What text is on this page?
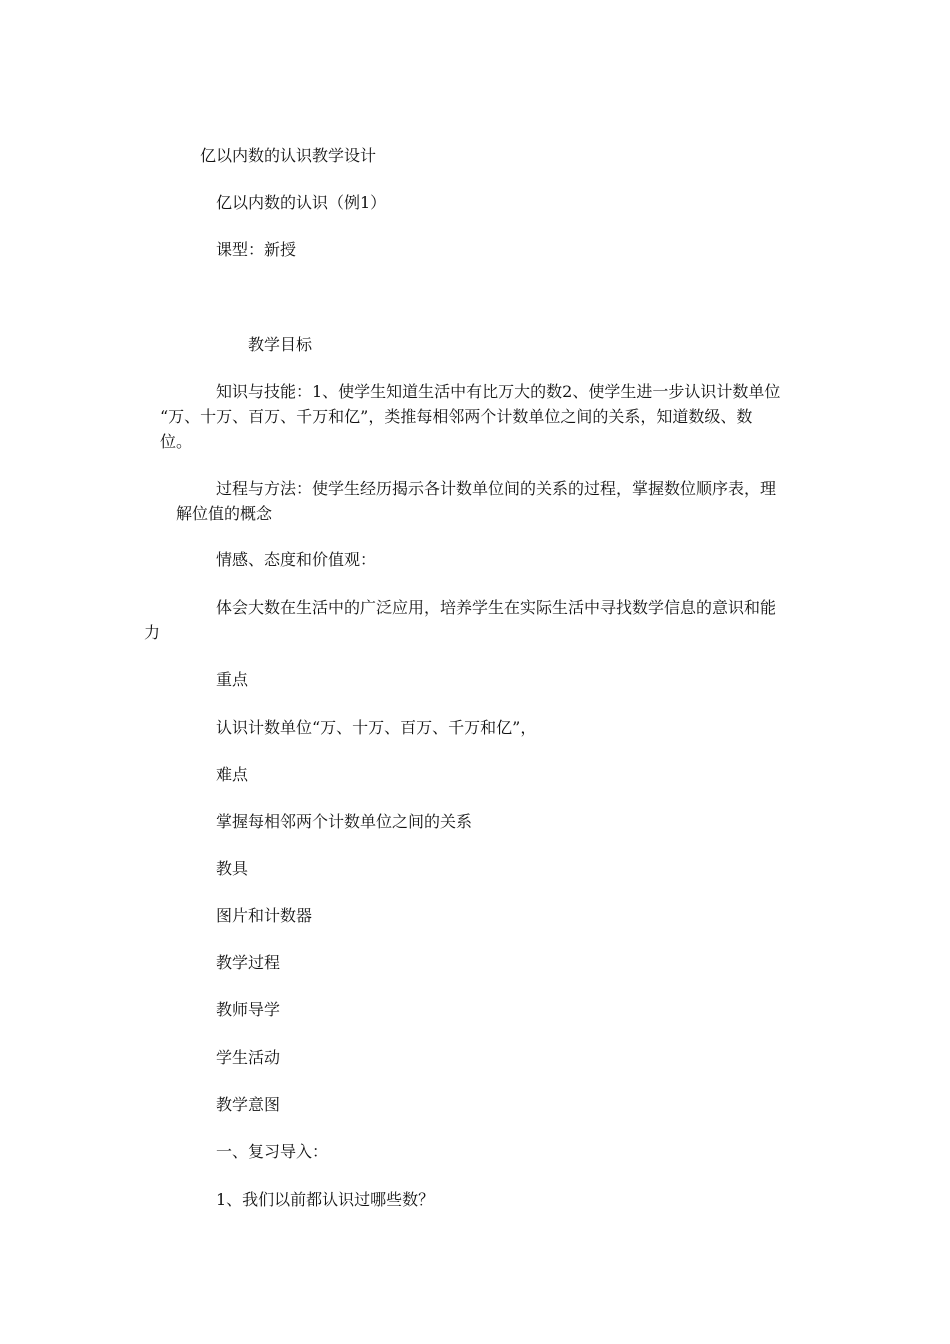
亿以内数的认识教学设计

亿以内数的认识（例1）

课型：新授

教学目标

知识与技能：1、使学生知道生活中有比万大的数2、使学生进一步认识计数单位

“万、十万、百万、千万和亿”，类推每相邻两个计数单位之间的关系，知道数级、数

位。

过程与方法：使学生经历揭示各计数单位间的关系的过程，掌握数位顺序表，理

解位值的概念

情感、态度和价值观：

体会大数在生活中的广泛应用，培养学生在实际生活中寻找数学信息的意识和能

力

重点

认识计数单位“万、十万、百万、千万和亿”，

难点

掌握每相邻两个计数单位之间的关系

教具

图片和计数器

教学过程

教师导学

学生活动

教学意图

一、复习导入：

1、我们以前都认识过哪些数？
